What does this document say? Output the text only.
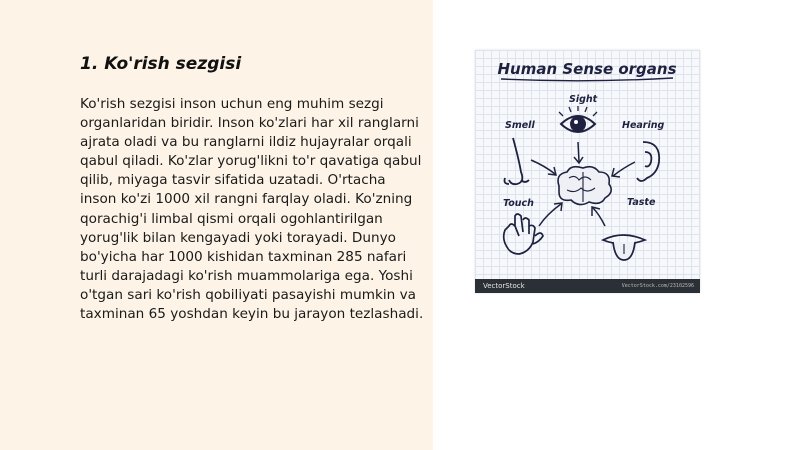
1. Ko'rish sezgisi

Ko'rish sezgisi inson uchun eng muhim sezgi organlaridan biridir. Inson ko'zlari har xil ranglarni ajrata oladi va bu ranglarni ildiz hujayralar orqali qabul qiladi. Ko'zlar yorug'likni to'r qavatiga qabul qilib, miyaga tasvir sifatida uzatadi. O'rtacha inson ko'zi 1000 xil rangni farqlay oladi. Ko'zning qorachig'i limbal qismi orqali ogohlantirilgan yorug'lik bilan kengayadi yoki torayadi. Dunyo bo'yicha har 1000 kishidan taxminan 285 nafari turli darajadagi ko'rish muammolariga ega. Yoshi o'tgan sari ko'rish qobiliyati pasayishi mumkin va taxminan 65 yoshdan keyin bu jarayon tezlashadi.

Human Sense organs
Sight
Smell	Hearing
Touch	Taste
VectorStock	VectorStock.com/23102596
